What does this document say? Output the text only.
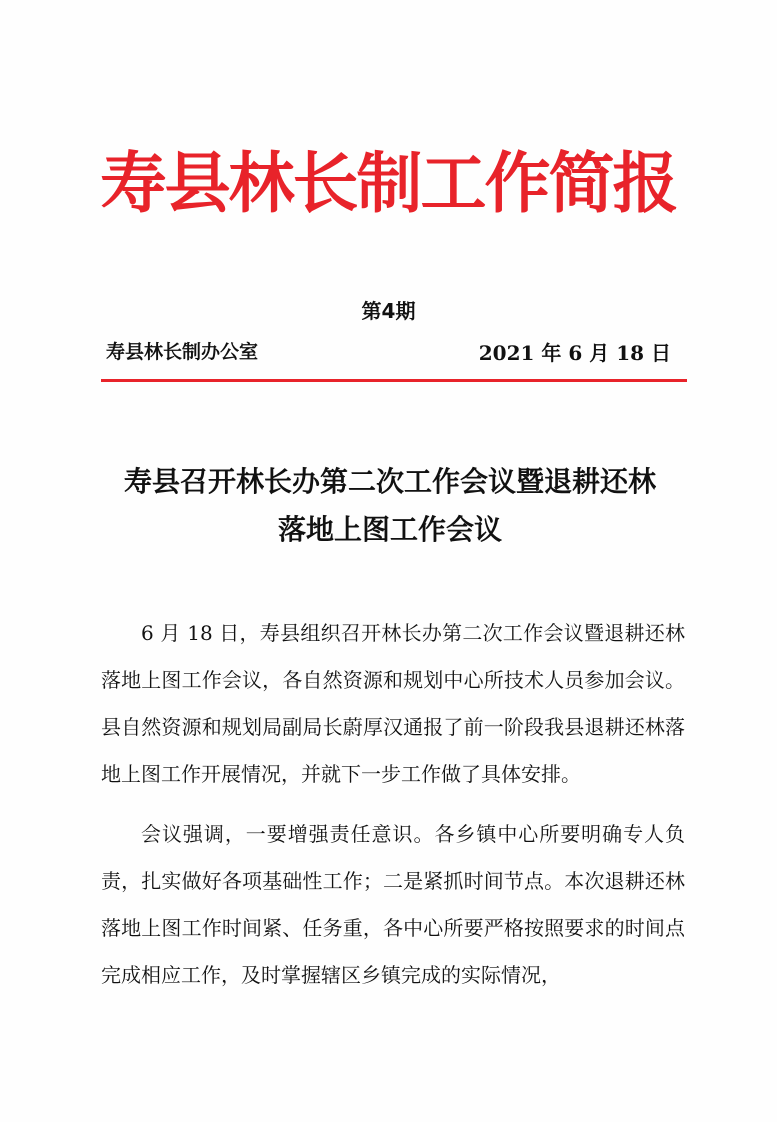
寿县林长制工作简报
第4期
寿县林长制办公室	2021 年 6 月 18 日
寿县召开林长办第二次工作会议暨退耕还林
落地上图工作会议

6 月 18 日，寿县组织召开林长办第二次工作会议暨退耕还林落地上图工作会议，各自然资源和规划中心所技术人员参加会议。县自然资源和规划局副局长蔚厚汉通报了前一阶段我县退耕还林落地上图工作开展情况，并就下一步工作做了具体安排。

会议强调，一要增强责任意识。各乡镇中心所要明确专人负责，扎实做好各项基础性工作；二是紧抓时间节点。本次退耕还林落地上图工作时间紧、任务重，各中心所要严格按照要求的时间点完成相应工作，及时掌握辖区乡镇完成的实际情况，
